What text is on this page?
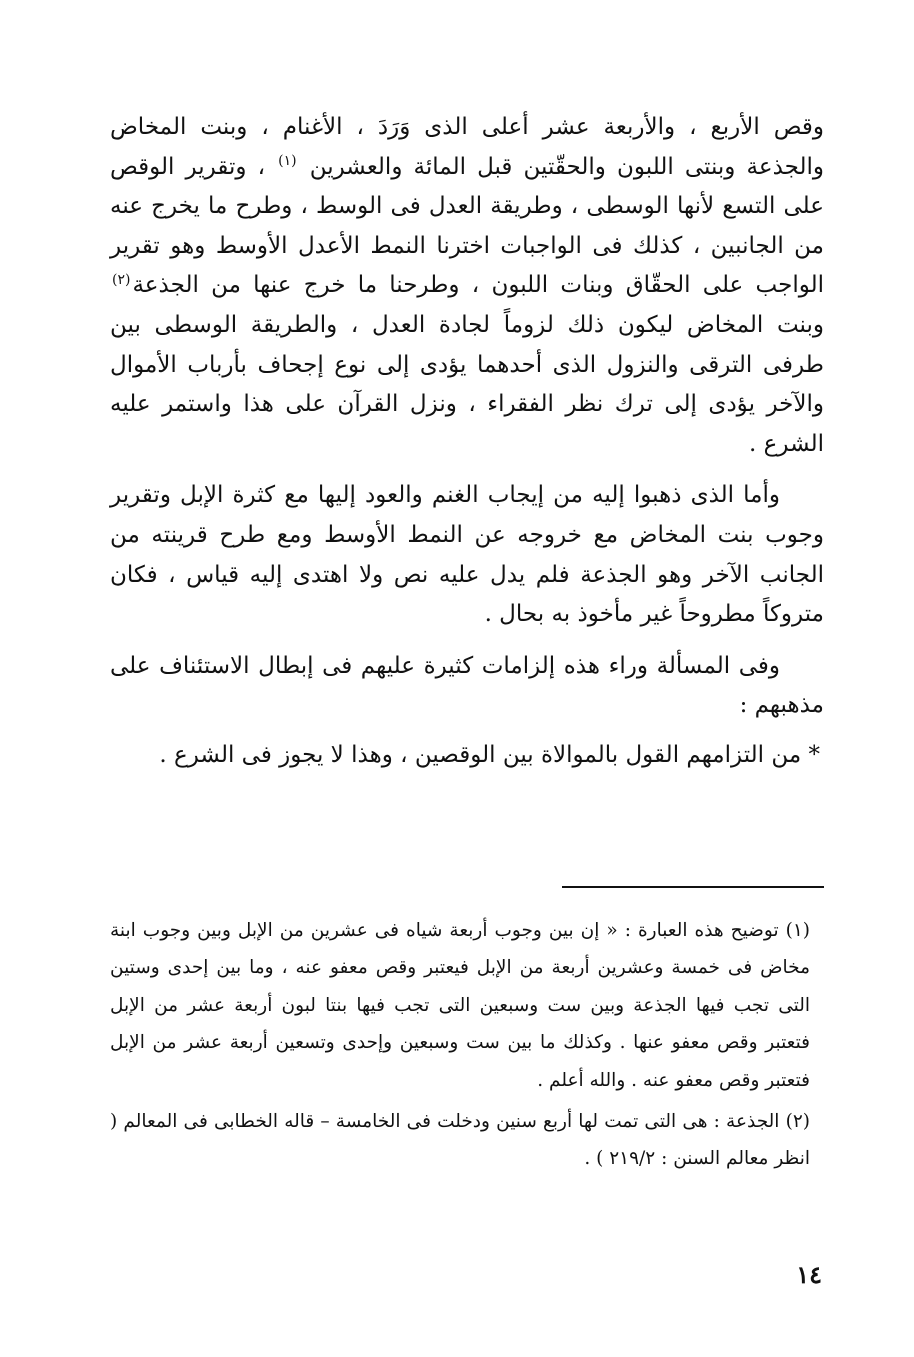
وقص الأربع ، والأربعة عشر أعلى الذى وَرَدَ ، الأغنام ، وبنت المخاض والجذعة وبنتى اللبون والحقّتين قبل المائة والعشرين $^{(١)}$ ، وتقرير الوقص على التسع لأنها الوسطى ، وطريقة العدل فى الوسط ، وطرح ما يخرج عنه من الجانبين ، كذلك فى الواجبات اخترنا النمط الأعدل الأوسط وهو تقرير الواجب على الحقّاق وبنات اللبون ، وطرحنا ما خرج عنها من الجذعة$^{(٢)}$ وبنت المخاض ليكون ذلك لزوماً لجادة العدل ، والطريقة الوسطى بين طرفى الترقى والنزول الذى أحدهما يؤدى إلى نوع إجحاف بأرباب الأموال والآخر يؤدى إلى ترك نظر الفقراء ، ونزل القرآن على هذا واستمر عليه الشرع .

وأما الذى ذهبوا إليه من إيجاب الغنم والعود إليها مع كثرة الإبل وتقرير وجوب بنت المخاض مع خروجه عن النمط الأوسط ومع طرح قرينته من الجانب الآخر وهو الجذعة فلم يدل عليه نص ولا اهتدى إليه قياس ، فكان متروكاً مطروحاً غير مأخوذ به بحال .

وفى المسألة وراء هذه إلزامات كثيرة عليهم فى إبطال الاستئناف على مذهبهم :

* من التزامهم القول بالموالاة بين الوقصين ، وهذا لا يجوز فى الشرع .

(١) توضيح هذه العبارة : « إن بين وجوب أربعة شياه فى عشرين من الإبل وبين وجوب ابنة مخاض فى خمسة وعشرين أربعة من الإبل فيعتبر وقص معفو عنه ، وما بين إحدى وستين التى تجب فيها الجذعة وبين ست وسبعين التى تجب فيها بنتا لبون أربعة عشر من الإبل فتعتبر وقص معفو عنها . وكذلك ما بين ست وسبعين وإحدى وتسعين أربعة عشر من الإبل فتعتبر وقص معفو عنه . والله أعلم .

(٢) الجذعة : هى التى تمت لها أربع سنين ودخلت فى الخامسة – قاله الخطابى فى المعالم ( انظر معالم السنن : ٢١٩/٢ ) .

١٤
